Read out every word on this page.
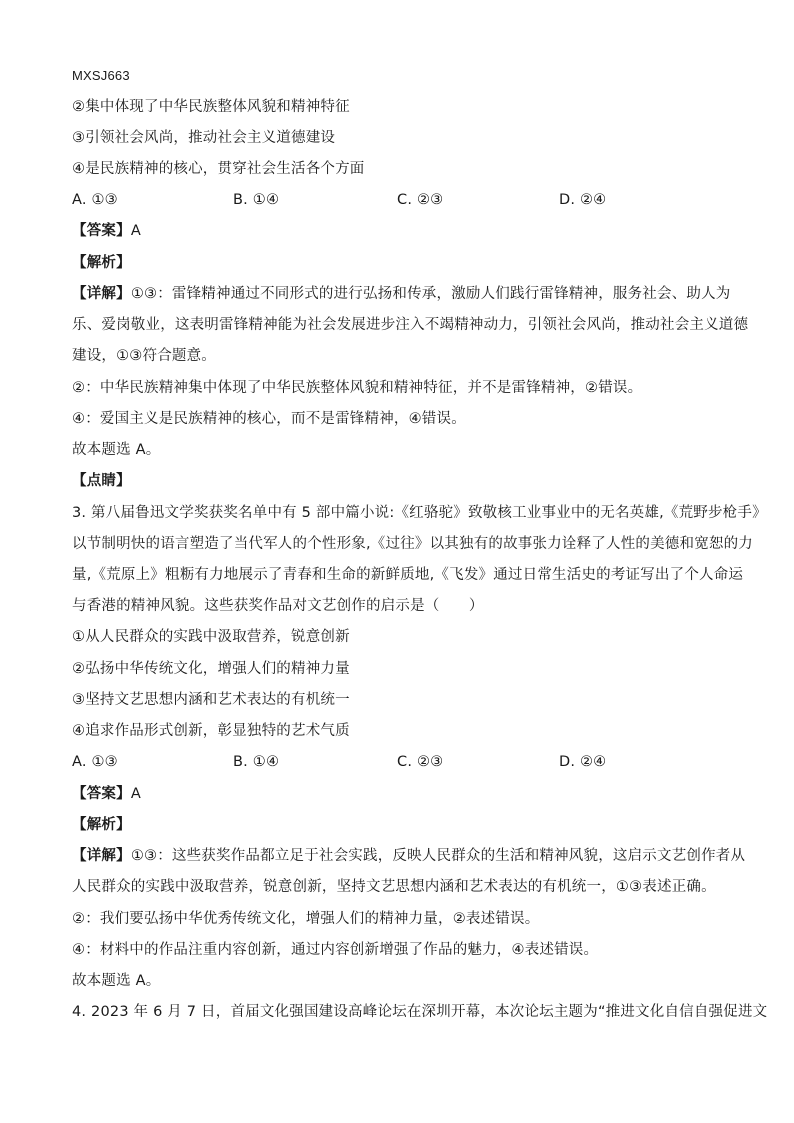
MXSJ663
②集中体现了中华民族整体风貌和精神特征
③引领社会风尚，推动社会主义道德建设
④是民族精神的核心，贯穿社会生活各个方面
A. ①③	B. ①④	C. ②③	D. ②④
【答案】A
【解析】
【详解】①③：雷锋精神通过不同形式的进行弘扬和传承，激励人们践行雷锋精神，服务社会、助人为
乐、爱岗敬业，这表明雷锋精神能为社会发展进步注入不竭精神动力，引领社会风尚，推动社会主义道德
建设，①③符合题意。
②：中华民族精神集中体现了中华民族整体风貌和精神特征，并不是雷锋精神，②错误。
④：爱国主义是民族精神的核心，而不是雷锋精神，④错误。
故本题选 A。
【点睛】
3. 第八届鲁迅文学奖获奖名单中有 5 部中篇小说:《红骆驼》致敬核工业事业中的无名英雄,《荒野步枪手》
以节制明快的语言塑造了当代军人的个性形象,《过往》以其独有的故事张力诠释了人性的美德和宽恕的力
量,《荒原上》粗粝有力地展示了青春和生命的新鲜质地,《飞发》通过日常生活史的考证写出了个人命运
与香港的精神风貌。这些获奖作品对文艺创作的启示是（　　）
①从人民群众的实践中汲取营养，锐意创新
②弘扬中华传统文化，增强人们的精神力量
③坚持文艺思想内涵和艺术表达的有机统一
④追求作品形式创新，彰显独特的艺术气质
A. ①③	B. ①④	C. ②③	D. ②④
【答案】A
【解析】
【详解】①③：这些获奖作品都立足于社会实践，反映人民群众的生活和精神风貌，这启示文艺创作者从
人民群众的实践中汲取营养，锐意创新，坚持文艺思想内涵和艺术表达的有机统一，①③表述正确。
②：我们要弘扬中华优秀传统文化，增强人们的精神力量，②表述错误。
④：材料中的作品注重内容创新，通过内容创新增强了作品的魅力，④表述错误。
故本题选 A。
4. 2023 年 6 月 7 日，首届文化强国建设高峰论坛在深圳开幕，本次论坛主题为“推进文化自信自强促进文
